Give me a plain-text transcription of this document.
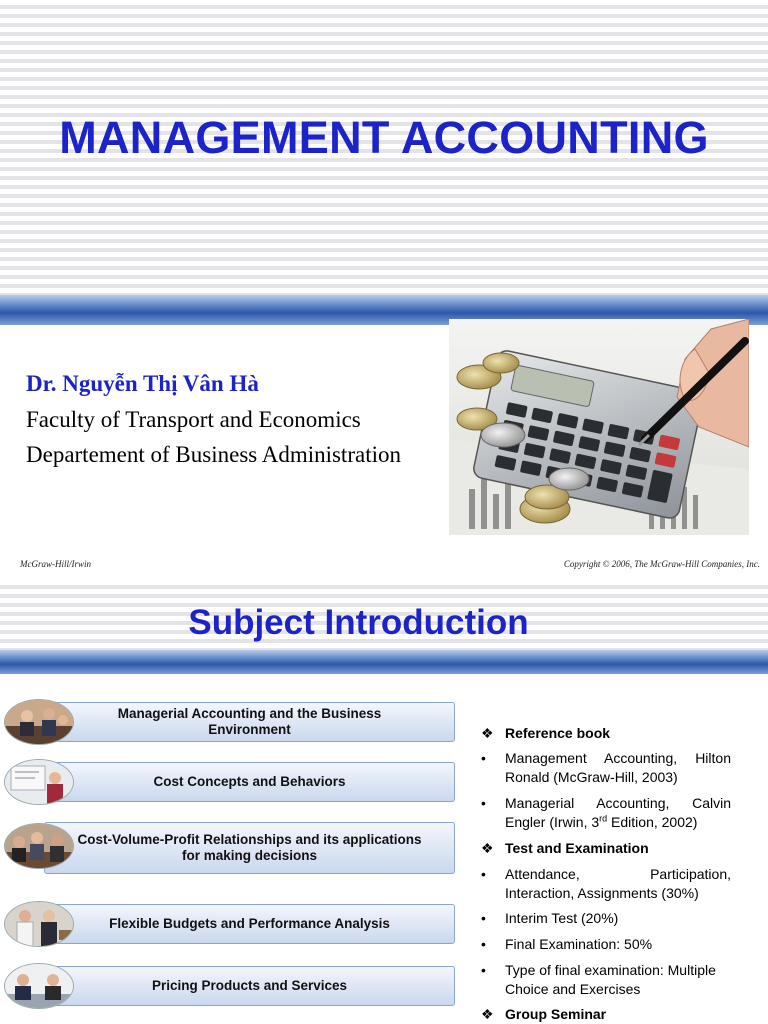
MANAGEMENT ACCOUNTING
Dr. Nguyễn Thị Vân Hà
Faculty of Transport and Economics
Departement of Business Administration
McGraw-Hill/Irwin	Copyright © 2006, The McGraw-Hill Companies, Inc.
Subject Introduction
Managerial Accounting and the Business Environment
Cost Concepts and Behaviors
Cost-Volume-Profit Relationships and its applications for making decisions
Flexible Budgets and Performance Analysis
Pricing Products and Services
❖ Reference book
•	Management Accounting, Hilton Ronald (McGraw-Hill, 2003)
•	Managerial Accounting, Calvin Engler (Irwin, 3rd Edition, 2002)
❖ Test and Examination
•	Attendance, Participation, Interaction, Assignments (30%)
•	Interim Test (20%)
•	Final Examination: 50%
•	Type of final examination: Multiple Choice and Exercises
❖ Group Seminar
